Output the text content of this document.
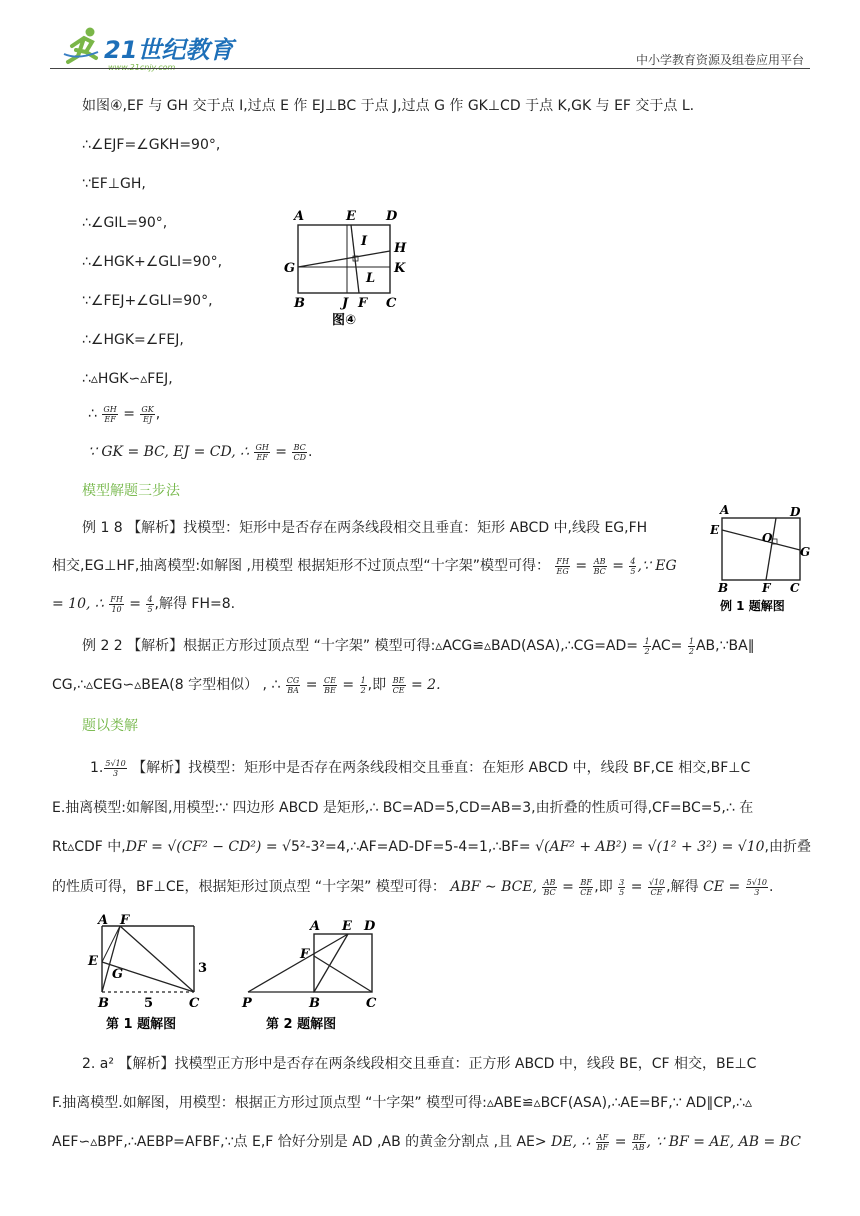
21世纪教育
www.21cnjy.com
中小学教育资源及组卷应用平台
如图④,EF 与 GH 交于点 I,过点 E 作 EJ⊥BC 于点 J,过点 G 作 GK⊥CD 于点 K,GK 与 EF 交于点 L.
∴∠EJF=∠GKH=90°,
∵EF⊥GH,
∴∠GIL=90°,
∴∠HGK+∠GLI=90°,
∵∠FEJ+∠GLI=90°,
∴∠HGK=∠FEJ,
∴▵HGK∽▵FEJ,
∴ $\frac{GH}{EF} = \frac{GK}{EJ}$ ,
∵ GK = BC, EJ = CD, ∴ $\frac{GH}{EF} = \frac{BC}{CD}$ .
A	E D
I H
G	K
L
B	J F C
图④
模型解题三步法
例 1 8 【解析】找模型：矩形中是否存在两条线段相交且垂直：矩形 ABCD 中,线段 EG,FH
相交,EG⊥HF,抽离模型:如解图 ,用模型 根据矩形不过顶点型“十字架”模型可得： $\frac{FH}{EG} = \frac{AB}{BC} = \frac{4}{5}$ ,∵ EG
= 10, ∴ $\frac{FH}{10} = \frac{4}{5}$ ,解得 FH=8.
A	D
O
E
G
B	F C
例 1 题解图
例 2 2 【解析】根据正方形过顶点型 “十字架” 模型可得:▵ACG≌▵BAD(ASA),∴CG=AD= $\frac{1}{2} AC= \frac{1}{2}$ AB,∵BA∥
CG,∴▵CEG∽▵BEA(8 字型相似） , ∴ $\frac{CG}{BA} = \frac{CE}{BE} = \frac{1}{2}$ ,即 $\frac{BE}{CE} = 2$.
题以类解
1. $\frac{5√10}{3}$ 【解析】找模型：矩形中是否存在两条线段相交且垂直：在矩形 ABCD 中，线段 BF,CE 相交,BF⊥C
E.抽离模型:如解图,用模型:∵ 四边形 ABCD 是矩形,∴ BC=AD=5,CD=AB=3,由折叠的性质可得,CF=BC=5,∴ 在
Rt▵CDF 中,DF = √(CF² − CD²) = √5²-3²=4,∴AF=AD-DF=5-4=1,∴BF= √(AF² + AB²) = √(1² + 3²) = √10,由折叠
的性质可得，BF⊥CE，根据矩形过顶点型 “十字架” 模型可得： ABF ∼ BCE, $\frac{AB}{BC} = \frac{BF}{CE}$ ,即 $\frac{3}{5} = \frac{√10}{CE}$ ,解得 CE = $\frac{5√10}{3}$ .
A F
E
G	3
B	5	C
第 1 题解图
A E D
F
P	B	C
第 2 题解图
2. a² 【解析】找模型正方形中是否存在两条线段相交且垂直：正方形 ABCD 中，线段 BE，CF 相交，BE⊥C
F.抽离模型.如解图，用模型：根据正方形过顶点型 “十字架” 模型可得:▵ABE≌▵BCF(ASA),∴AE=BF,∵ AD∥CP,∴▵
AEF∽▵BPF,∴AEBP=AFBF,∵点 E,F 恰好分别是 AD ,AB 的黄金分割点 ,且 AE> DE, ∴ $\frac{AF}{BF} = \frac{BF}{AB}$ , ∵ BF = AE, AB = BC
